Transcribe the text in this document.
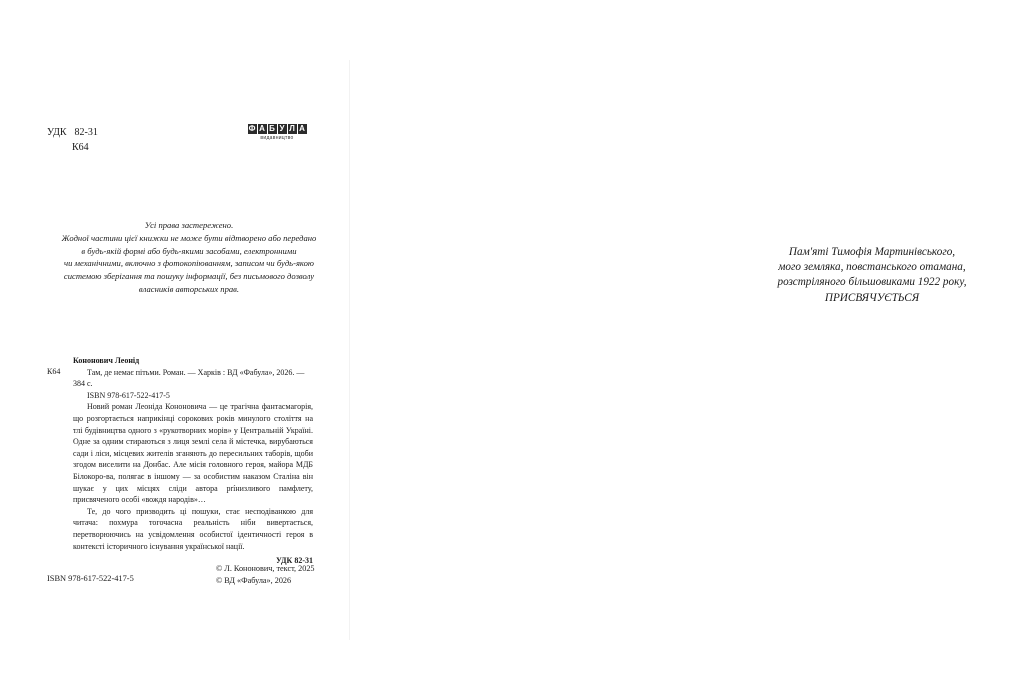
УДК 82-31
К64
Ф А Б У Л А
видавництво
Усі права застережено.
Жодної частини цієї книжки не може бути відтворено або передано
в будь-якій формі або будь-якими засобами, електронними
чи механічними, включно з фотокопіюванням, записом чи будь-якою
системою зберігання та пошуку інформації, без письмового дозволу
власників авторських прав.
К64
Кононович Леонід
Там, де немає пітьми. Роман. — Харків : ВД «Фабула», 2026. —
384 с.
ISBN 978-617-522-417-5
Новий роман Леоніда Кононовича — це трагічна фантасмагорія, що розгортається наприкінці сорокових років минулого століття на тлі будівництва одного з «рукотворних морів» у Центральній Україні. Одне за одним стираються з лиця землі села й містечка, вирубаються сади і ліси, місцевих жителів зганяють до пересильних таборів, щоби згодом виселити на Донбас. Але місія головного героя, майора МДБ Білокоро-ва, полягає в іншому — за особистим наказом Сталіна він шукає у цих місцях сліди автора príнизливого памфлету, присвяченого особі «вождя народів»…
Те, до чого призводить ці пошуки, стає несподіванкою для читача: похмура тогочасна реальність ніби вивертається, перетворюючись на усвідомлення особистої ідентичності героя в контексті історичного існування української нації.
УДК 82-31
ISBN 978-617-522-417-5
© Л. Кононович, текст, 2025
© ВД «Фабула», 2026
Пам'яті Тимофія Мартинівського,
мого земляка, повстанського отамана,
розстріляного більшовиками 1922 року,
ПРИСВЯЧУЄТЬСЯ
